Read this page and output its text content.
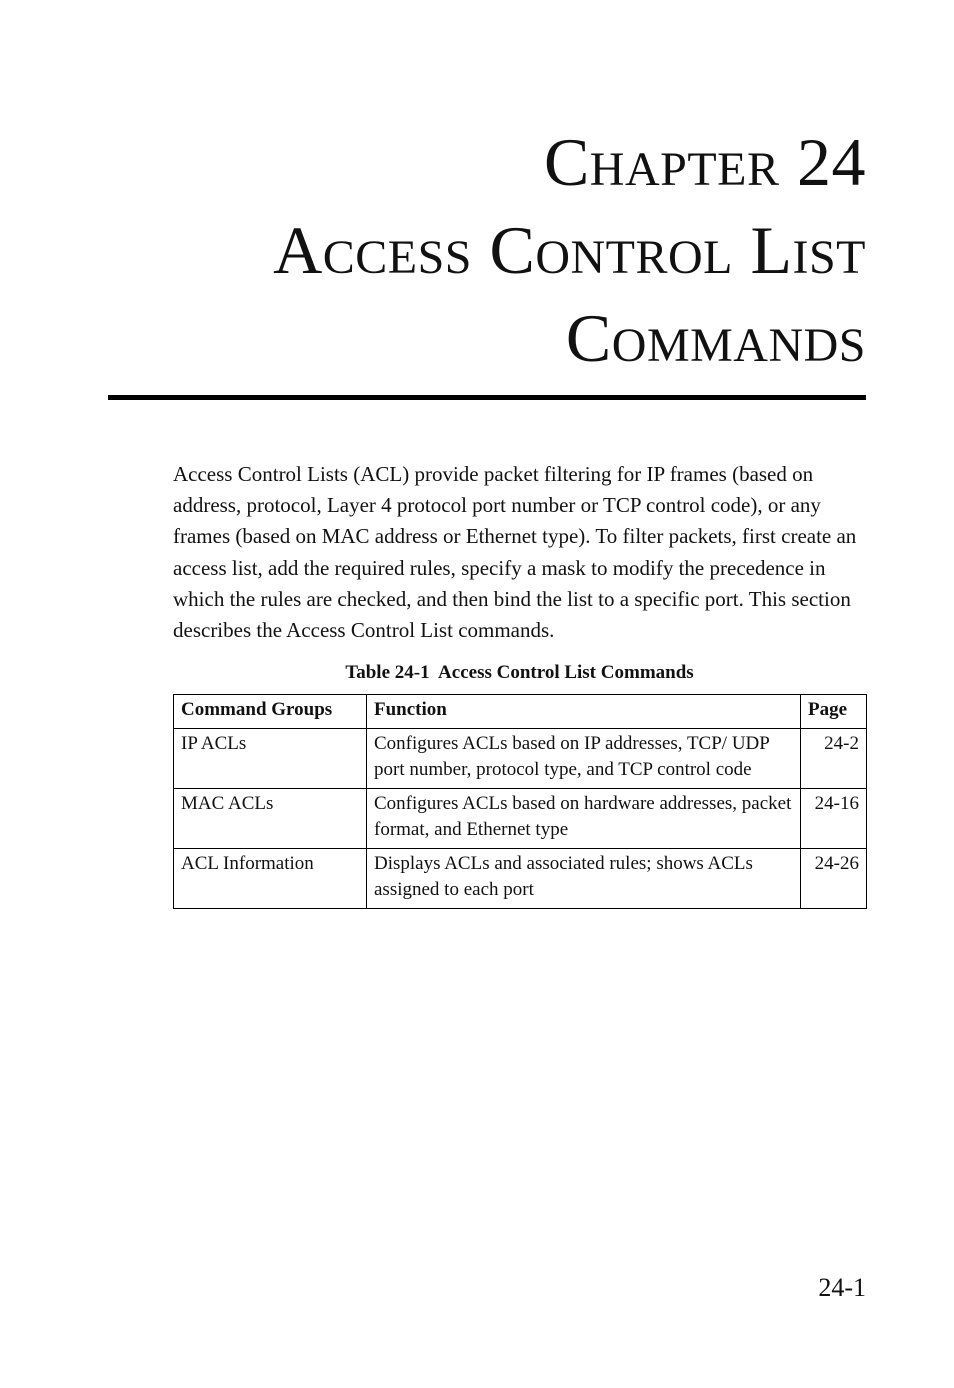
Chapter 24
Access Control List
Commands

Access Control Lists (ACL) provide packet filtering for IP frames (based on address, protocol, Layer 4 protocol port number or TCP control code), or any frames (based on MAC address or Ethernet type). To filter packets, first create an access list, add the required rules, specify a mask to modify the precedence in which the rules are checked, and then bind the list to a specific port. This section describes the Access Control List commands.

Table 24-1  Access Control List Commands

Command Groups	Function	Page
IP ACLs	Configures ACLs based on IP addresses, TCP/ UDP port number, protocol type, and TCP control code	24-2
MAC ACLs	Configures ACLs based on hardware addresses, packet format, and Ethernet type	24-16
ACL Information	Displays ACLs and associated rules; shows ACLs assigned to each port	24-26

24-1
